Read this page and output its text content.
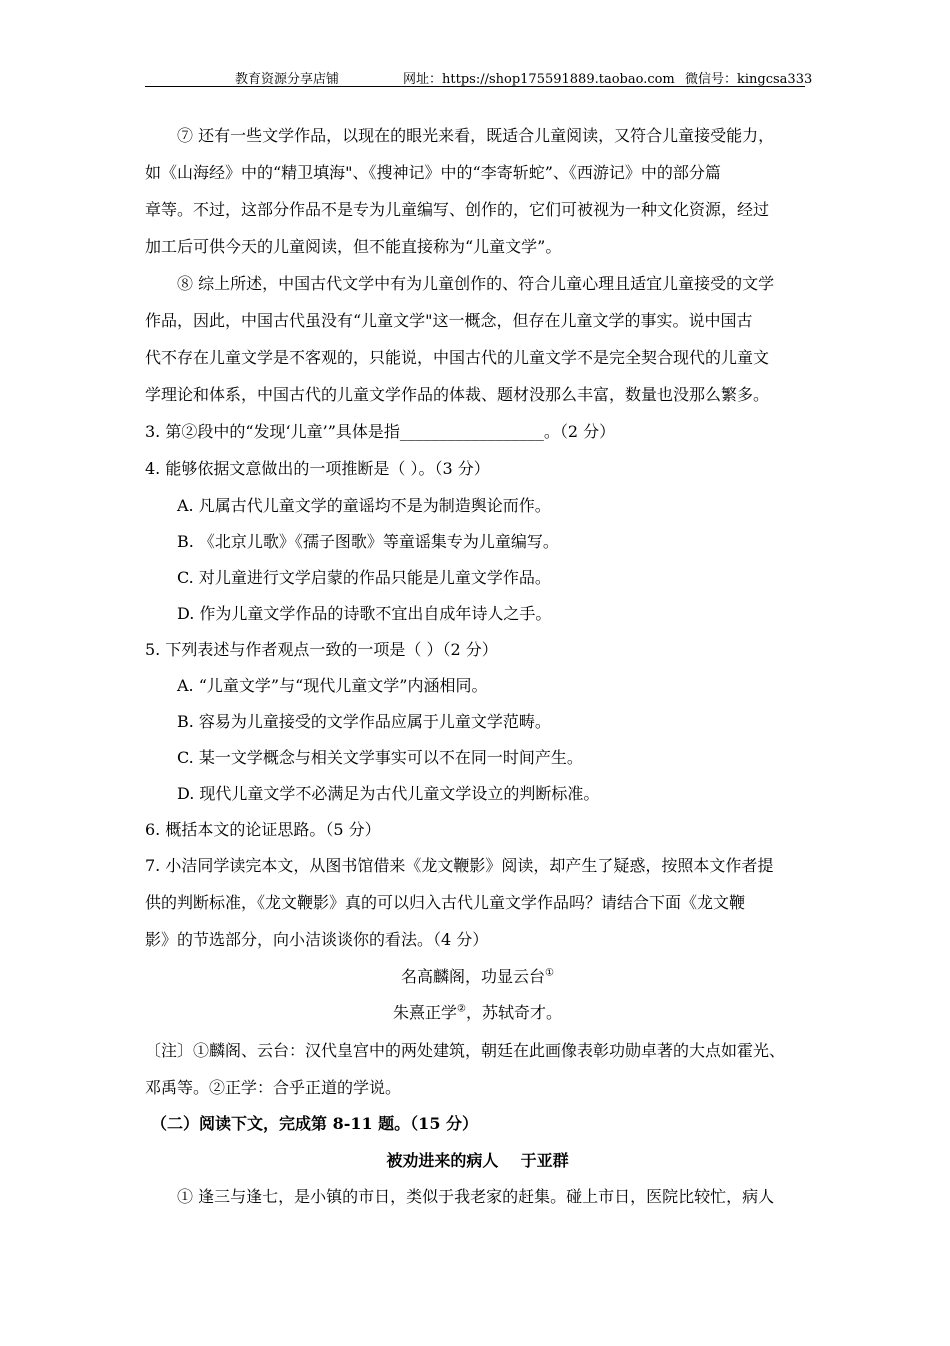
教育资源分享店铺	网址：https://shop175591889.taobao.com 微信号：kingcsa333
⑦ 还有一些文学作品，以现在的眼光来看，既适合儿童阅读，又符合儿童接受能力，
如《山海经》中的“精卫填海"、《搜神记》中的“李寄斩蛇”、《西游记》中的部分篇
章等。不过，这部分作品不是专为儿童编写、创作的，它们可被视为一种文化资源，经过
加工后可供今天的儿童阅读，但不能直接称为“儿童文学”。
⑧ 综上所述，中国古代文学中有为儿童创作的、符合儿童心理且适宜儿童接受的文学
作品，因此，中国古代虽没有“儿童文学"这一概念，但存在儿童文学的事实。说中国古
代不存在儿童文学是不客观的，只能说，中国古代的儿童文学不是完全契合现代的儿童文
学理论和体系，中国古代的儿童文学作品的体裁、题材没那么丰富，数量也没那么繁多。
3. 第②段中的“发现‘儿童’”具体是指__________________。（2 分）
4. 能够依据文意做出的一项推断是（ ）。（3 分）
A. 凡属古代儿童文学的童谣均不是为制造舆论而作。
B. 《北京儿歌》《孺子图歌》等童谣集专为儿童编写。
C. 对儿童进行文学启蒙的作品只能是儿童文学作品。
D. 作为儿童文学作品的诗歌不宜出自成年诗人之手。
5. 下列表述与作者观点一致的一项是（ ）（2 分）
A. “儿童文学”与“现代儿童文学”内涵相同。
B. 容易为儿童接受的文学作品应属于儿童文学范畴。
C. 某一文学概念与相关文学事实可以不在同一时间产生。
D. 现代儿童文学不必满足为古代儿童文学设立的判断标准。
6. 概括本文的论证思路。（5 分）
7. 小洁同学读完本文，从图书馆借来《龙文鞭影》阅读，却产生了疑惑，按照本文作者提
供的判断标准，《龙文鞭影》真的可以归入古代儿童文学作品吗？请结合下面《龙文鞭
影》的节选部分，向小洁谈谈你的看法。（4 分）
名高麟阁，功显云台①
朱熹正学②，苏轼奇才。
〔注〕①麟阁、云台：汉代皇宫中的两处建筑，朝廷在此画像表彰功勋卓著的大点如霍光、
邓禹等。②正学：合乎正道的学说。
（二）阅读下文，完成第 8-11 题。（15 分）
被劝进来的病人 于亚群
① 逢三与逢七，是小镇的市日，类似于我老家的赶集。碰上市日，医院比较忙，病人
